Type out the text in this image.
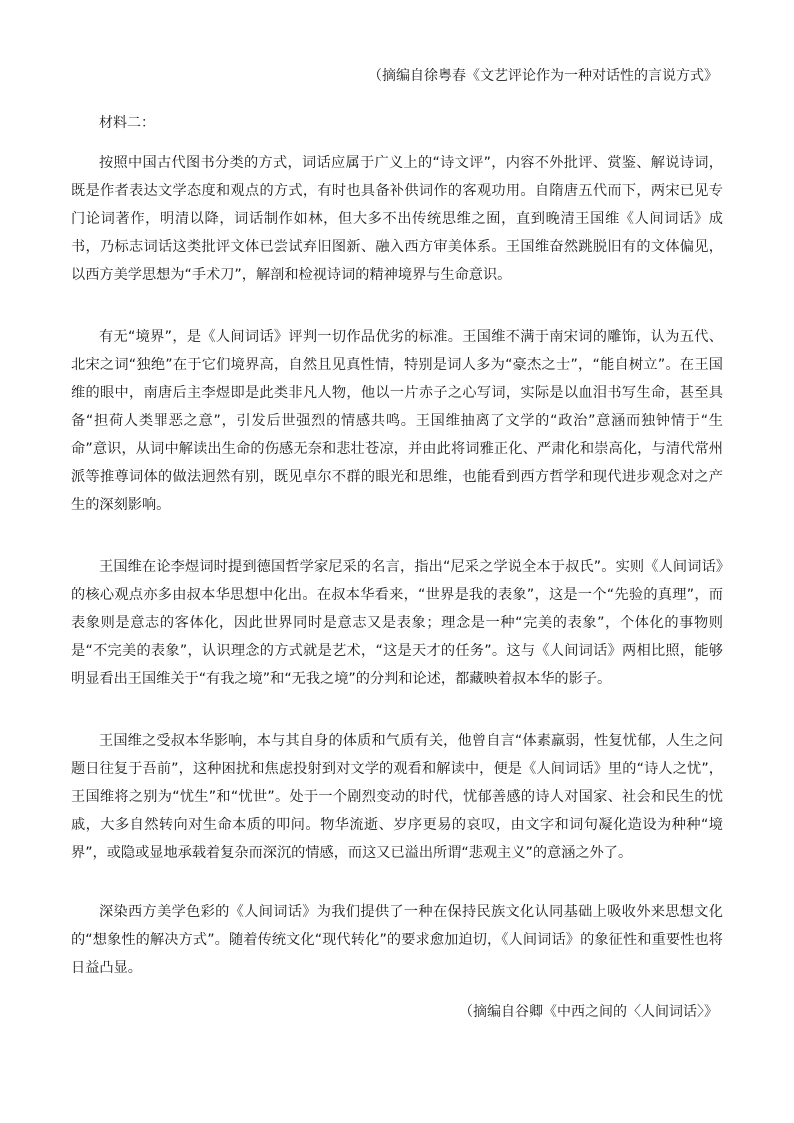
（摘编自徐粤春《文艺评论作为一种对话性的言说方式》
材料二：

按照中国古代图书分类的方式，词话应属于广义上的“诗文评”，内容不外批评、赏鉴、解说诗词，既是作者表达文学态度和观点的方式，有时也具备补供词作的客观功用。自隋唐五代而下，两宋已见专门论词著作，明清以降，词话制作如林，但大多不出传统思维之囿，直到晚清王国维《人间词话》成书，乃标志词话这类批评文体已尝试弃旧图新、融入西方审美体系。王国维奋然跳脱旧有的文体偏见，以西方美学思想为“手术刀”，解剖和检视诗词的精神境界与生命意识。

有无“境界”，是《人间词话》评判一切作品优劣的标准。王国维不满于南宋词的雕饰，认为五代、北宋之词“独绝”在于它们境界高，自然且见真性情，特别是词人多为“豪杰之士”，“能自树立”。在王国维的眼中，南唐后主李煜即是此类非凡人物，他以一片赤子之心写词，实际是以血泪书写生命，甚至具备“担荷人类罪恶之意”，引发后世强烈的情感共鸣。王国维抽离了文学的“政治”意涵而独钟情于“生命”意识，从词中解读出生命的伤感无奈和悲壮苍凉，并由此将词雅正化、严肃化和崇高化，与清代常州派等推尊词体的做法迥然有别，既见卓尔不群的眼光和思维，也能看到西方哲学和现代进步观念对之产生的深刻影响。

王国维在论李煜词时提到德国哲学家尼采的名言，指出“尼采之学说全本于叔氏”。实则《人间词话》的核心观点亦多由叔本华思想中化出。在叔本华看来，“世界是我的表象”，这是一个“先验的真理”，而表象则是意志的客体化，因此世界同时是意志又是表象；理念是一种“完美的表象”，个体化的事物则是“不完美的表象”，认识理念的方式就是艺术，“这是天才的任务”。这与《人间词话》两相比照，能够明显看出王国维关于“有我之境”和“无我之境”的分判和论述，都藏映着叔本华的影子。

王国维之受叔本华影响，本与其自身的体质和气质有关，他曾自言“体素羸弱，性复忧郁，人生之问题日往复于吾前”，这种困扰和焦虑投射到对文学的观看和解读中，便是《人间词话》里的“诗人之忧”，王国维将之别为“忧生”和“忧世”。处于一个剧烈变动的时代，忧郁善感的诗人对国家、社会和民生的忧戚，大多自然转向对生命本质的叩问。物华流逝、岁序更易的哀叹，由文字和词句凝化造设为种种“境界”，或隐或显地承载着复杂而深沉的情感，而这又已溢出所谓“悲观主义”的意涵之外了。

深染西方美学色彩的《人间词话》为我们提供了一种在保持民族文化认同基础上吸收外来思想文化的“想象性的解决方式”。随着传统文化“现代转化”的要求愈加迫切，《人间词话》的象征性和重要性也将日益凸显。

（摘编自谷卿《中西之间的〈人间词话〉》
